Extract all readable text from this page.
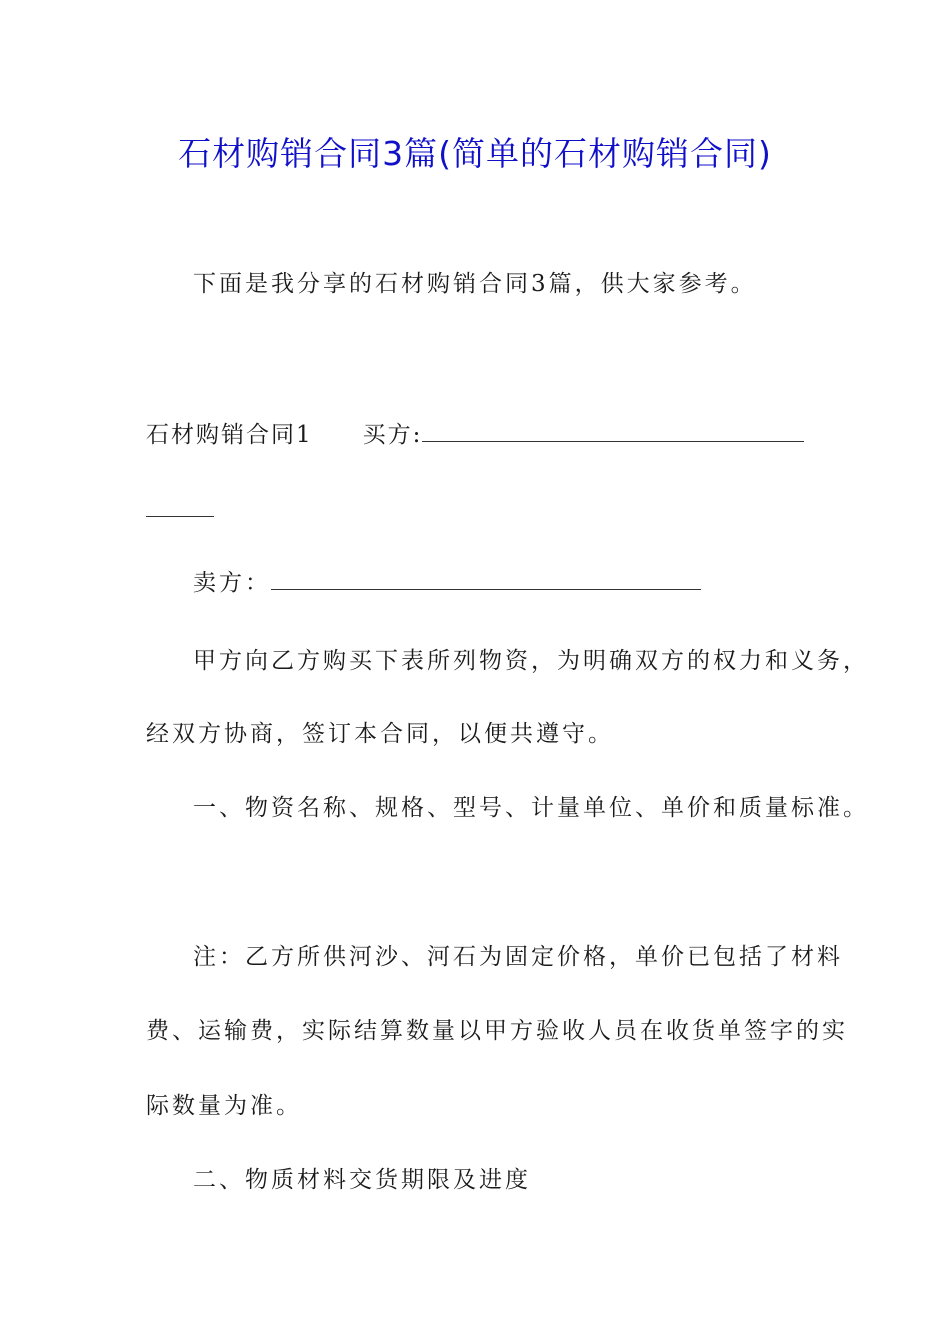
石材购销合同3篇(简单的石材购销合同)
下面是我分享的石材购销合同3篇，供大家参考。
石材购销合同1 买方:
卖方：
甲方向乙方购买下表所列物资，为明确双方的权力和义务，
经双方协商，签订本合同，以便共遵守。
一、物资名称、规格、型号、计量单位、单价和质量标准。
注：乙方所供河沙、河石为固定价格，单价已包括了材料
费、运输费，实际结算数量以甲方验收人员在收货单签字的实
际数量为准。
二、物质材料交货期限及进度
